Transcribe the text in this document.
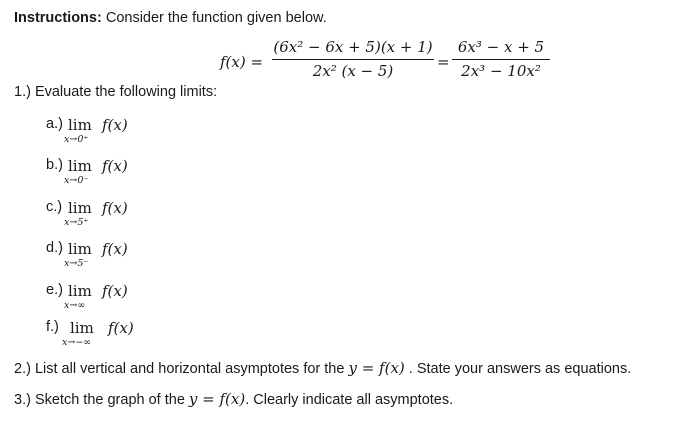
Instructions: Consider the function given below.
f(x) =
(6x² − 6x + 5)(x + 1)
2x² (x − 5)	=
6x³ − x + 5
2x³ − 10x²
1.) Evaluate the following limits:
a.) lim
x→0⁺
f(x)
b.) lim
x→0⁻
f(x)
c.) lim
x→5⁺
f(x)
d.) lim
x→5⁻
f(x)
e.) lim
x→∞
f(x)
f.) lim
x→−∞
f(x)
2.) List all vertical and horizontal asymptotes for the y = f(x) . State your answers as equations.
3.) Sketch the graph of the y = f(x). Clearly indicate all asymptotes.
